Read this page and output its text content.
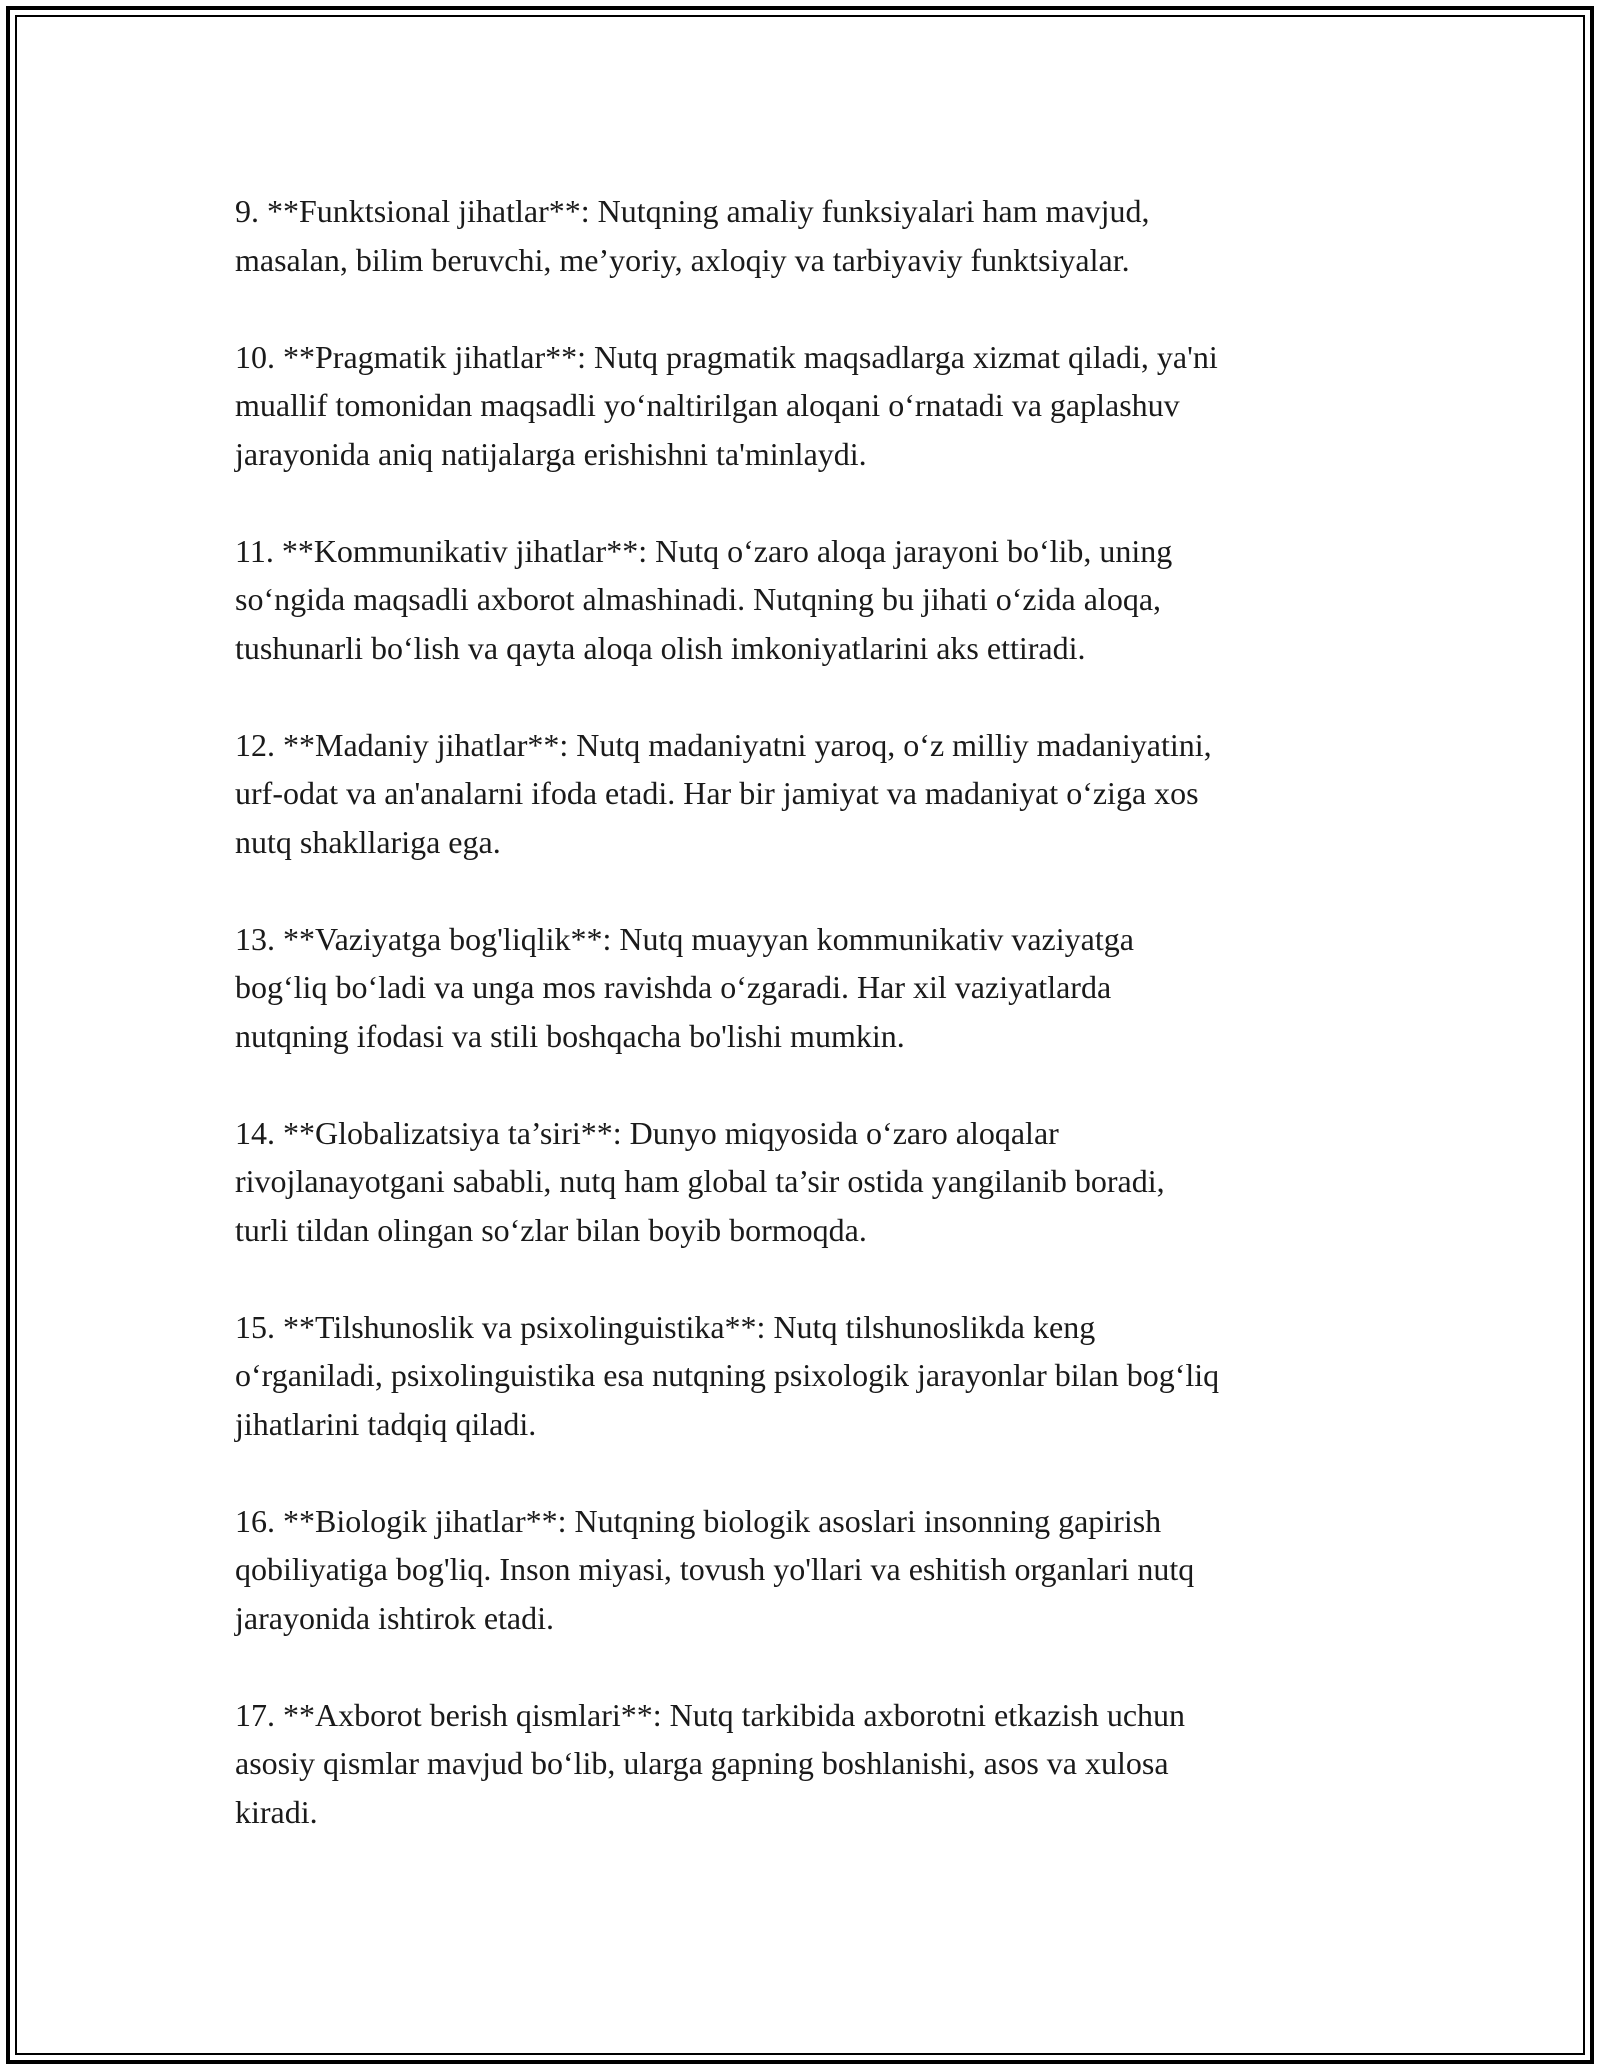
9. **Funktsional jihatlar**: Nutqning amaliy funksiyalari ham mavjud,
masalan, bilim beruvchi, me’yoriy, axloqiy va tarbiyaviy funktsiyalar.

10. **Pragmatik jihatlar**: Nutq pragmatik maqsadlarga xizmat qiladi, ya'ni
muallif tomonidan maqsadli yo‘naltirilgan aloqani o‘rnatadi va gaplashuv
jarayonida aniq natijalarga erishishni ta'minlaydi.

11. **Kommunikativ jihatlar**: Nutq o‘zaro aloqa jarayoni bo‘lib, uning
so‘ngida maqsadli axborot almashinadi. Nutqning bu jihati o‘zida aloqa,
tushunarli bo‘lish va qayta aloqa olish imkoniyatlarini aks ettiradi.

12. **Madaniy jihatlar**: Nutq madaniyatni yaroq, o‘z milliy madaniyatini,
urf-odat va an'analarni ifoda etadi. Har bir jamiyat va madaniyat o‘ziga xos
nutq shakllariga ega.

13. **Vaziyatga bog'liqlik**: Nutq muayyan kommunikativ vaziyatga
bog‘liq bo‘ladi va unga mos ravishda o‘zgaradi. Har xil vaziyatlarda
nutqning ifodasi va stili boshqacha bo'lishi mumkin.

14. **Globalizatsiya ta’siri**: Dunyo miqyosida o‘zaro aloqalar
rivojlanayotgani sababli, nutq ham global ta’sir ostida yangilanib boradi,
turli tildan olingan so‘zlar bilan boyib bormoqda.

15. **Tilshunoslik va psixolinguistika**: Nutq tilshunoslikda keng
o‘rganiladi, psixolinguistika esa nutqning psixologik jarayonlar bilan bog‘liq
jihatlarini tadqiq qiladi.

16. **Biologik jihatlar**: Nutqning biologik asoslari insonning gapirish
qobiliyatiga bog'liq. Inson miyasi, tovush yo'llari va eshitish organlari nutq
jarayonida ishtirok etadi.

17. **Axborot berish qismlari**: Nutq tarkibida axborotni etkazish uchun
asosiy qismlar mavjud bo‘lib, ularga gapning boshlanishi, asos va xulosa
kiradi.
